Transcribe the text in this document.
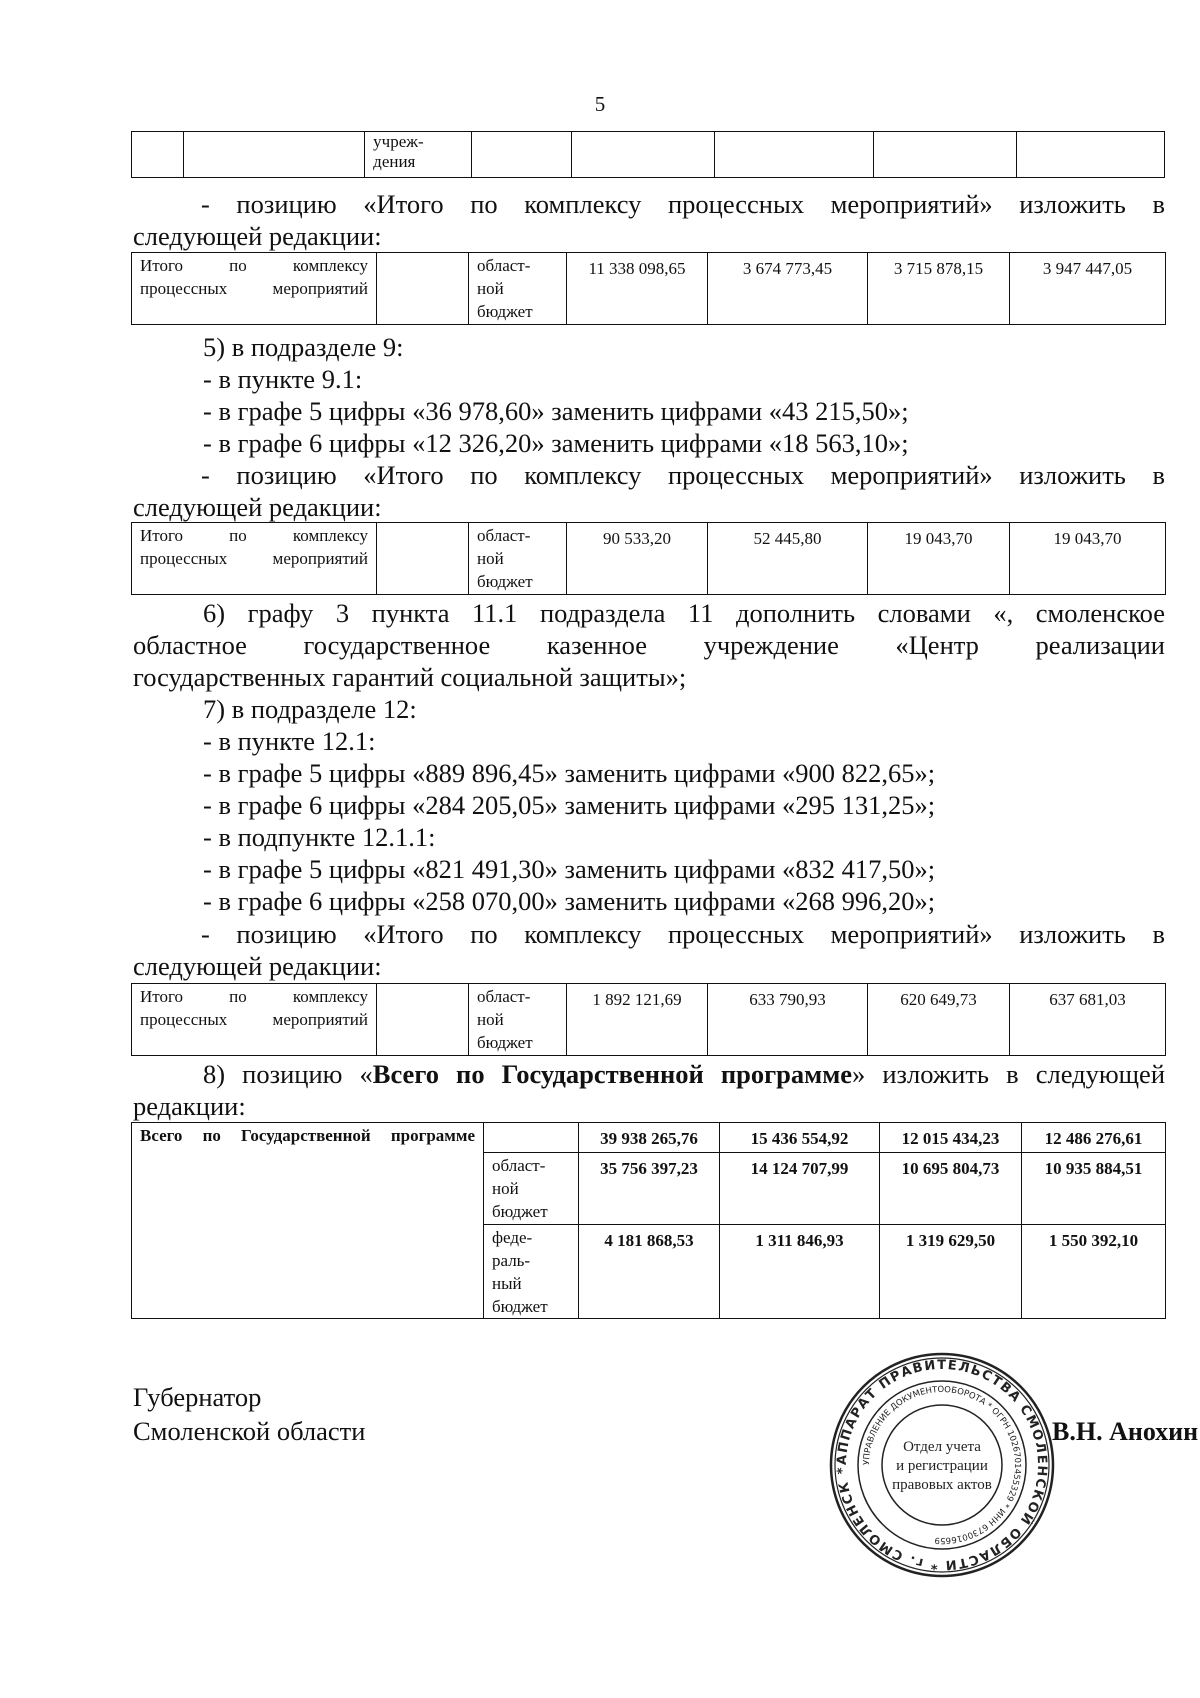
5
		учреж-
дения					
- позицию «Итого по комплексу процессных мероприятий» изложить в
следующей редакции:
Итого по комплексу процессных мероприятий		област-
ной
бюджет	11 338 098,65	3 674 773,45	3 715 878,15	3 947 447,05
5) в подразделе 9:
- в пункте 9.1:
- в графе 5 цифры «36 978,60» заменить цифрами «43 215,50»;
- в графе 6 цифры «12 326,20» заменить цифрами «18 563,10»;
- позицию «Итого по комплексу процессных мероприятий» изложить в
следующей редакции:
Итого по комплексу процессных мероприятий		област-
ной
бюджет	90 533,20	52 445,80	19 043,70	19 043,70
6) графу 3 пункта 11.1 подраздела 11 дополнить словами «, смоленское
областное государственное казенное учреждение «Центр реализации
государственных гарантий социальной защиты»;
7) в подразделе 12:
- в пункте 12.1:
- в графе 5 цифры «889 896,45» заменить цифрами «900 822,65»;
- в графе 6 цифры «284 205,05» заменить цифрами «295 131,25»;
- в подпункте 12.1.1:
- в графе 5 цифры «821 491,30» заменить цифрами «832 417,50»;
- в графе 6 цифры «258 070,00» заменить цифрами «268 996,20»;
- позицию «Итого по комплексу процессных мероприятий» изложить в
следующей редакции:
Итого по комплексу процессных мероприятий		област-
ной
бюджет	1 892 121,69	633 790,93	620 649,73	637 681,03
8) позицию «Всего по Государственной программе» изложить в следующей
редакции:
Всего по Государственной программе		39 938 265,76	15 436 554,92	12 015 434,23	12 486 276,61
	област-
ной
бюджет	35 756 397,23	14 124 707,99	10 695 804,73	10 935 884,51
	феде-
раль-
ный
бюджет	4 181 868,53	1 311 846,93	1 319 629,50	1 550 392,10
Губернатор
Смоленской области	В.Н. Анохин
АППАРАТ ПРАВИТЕЛЬСТВА СМОЛЕНСКОЙ ОБЛАСТИ * г. СМОЛЕНСК *
УПРАВЛЕНИЕ ДОКУМЕНТООБОРОТА * ОГРН 1026701455329 * ИНН 6730016659
Отдел учета
и регистрации
правовых актов
